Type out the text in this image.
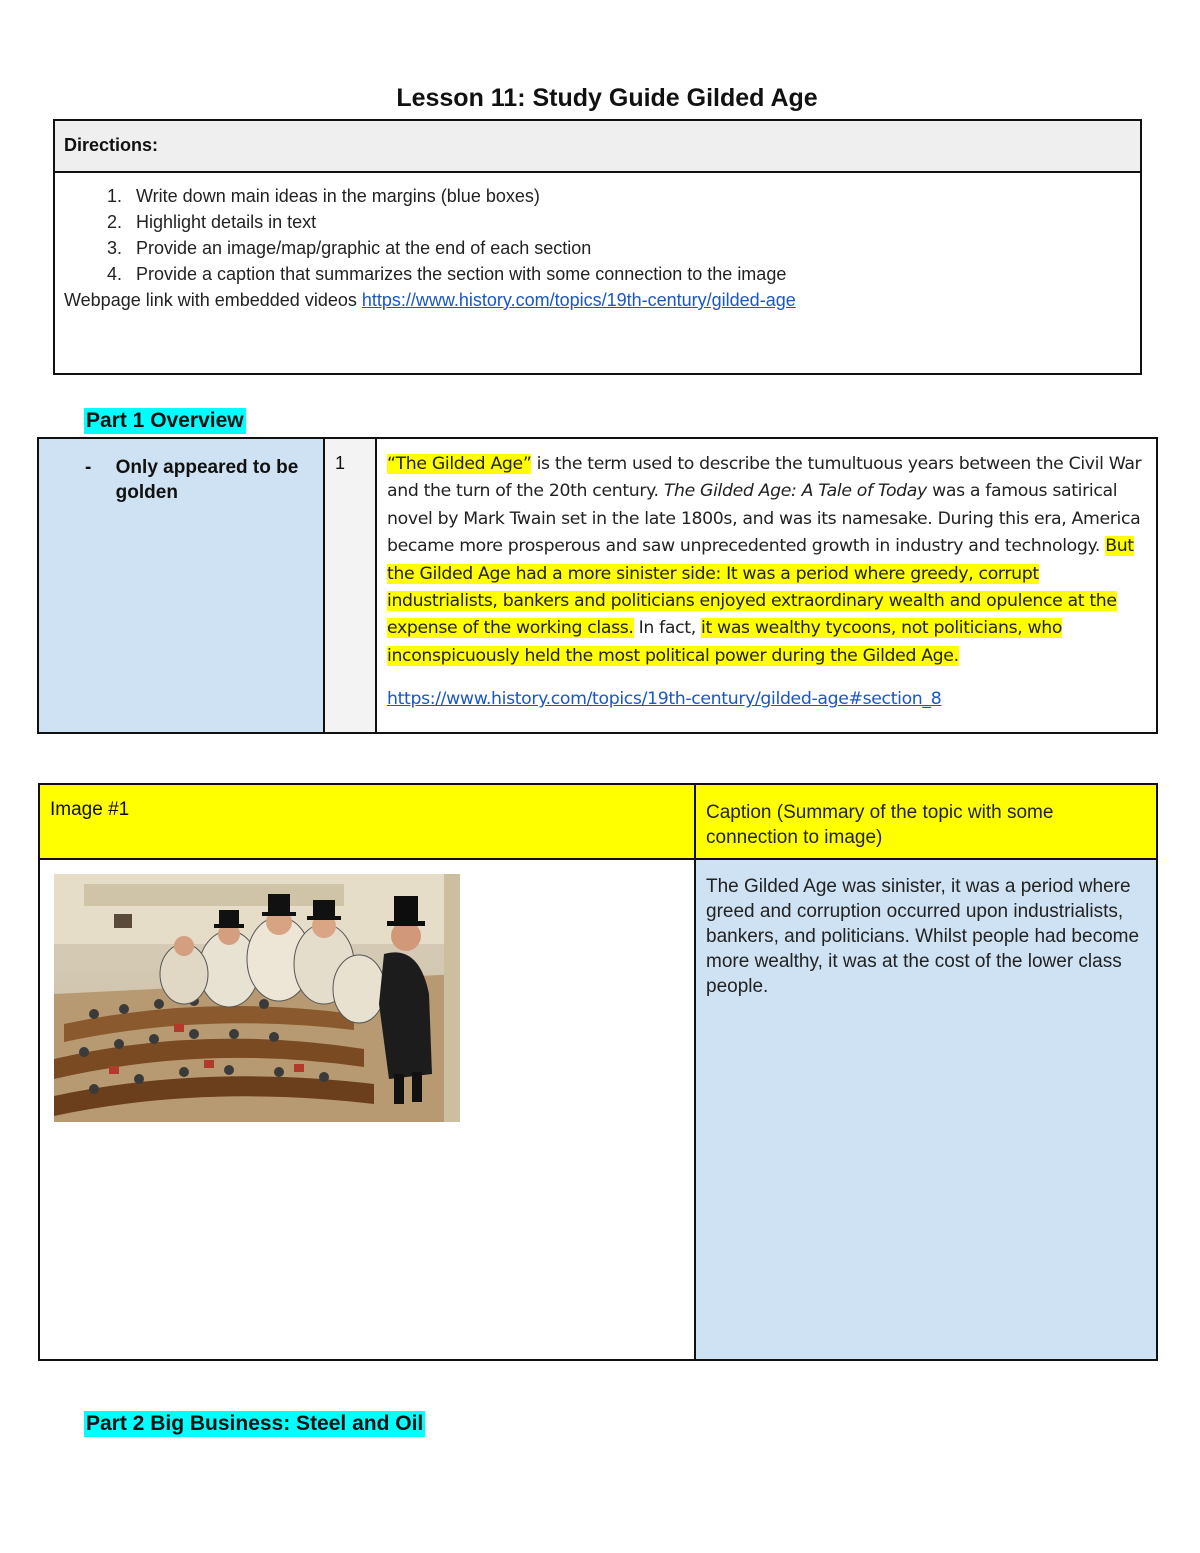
Lesson 11: Study Guide Gilded Age
Directions:
1. Write down main ideas in the margins (blue boxes)
2. Highlight details in text
3. Provide an image/map/graphic at the end of each section
4. Provide a caption that summarizes the section with some connection to the image
Webpage link with embedded videos https://www.history.com/topics/19th-century/gilded-age
Part 1 Overview
-	Only appeared to be golden
1	“The Gilded Age” is the term used to describe the tumultuous years between the Civil War and the turn of the 20th century. The Gilded Age: A Tale of Today was a famous satirical novel by Mark Twain set in the late 1800s, and was its namesake. During this era, America became more prosperous and saw unprecedented growth in industry and technology. But the Gilded Age had a more sinister side: It was a period where greedy, corrupt industrialists, bankers and politicians enjoyed extraordinary wealth and opulence at the expense of the working class. In fact, it was wealthy tycoons, not politicians, who inconspicuously held the most political power during the Gilded Age.
https://www.history.com/topics/19th-century/gilded-age#section_8
Image #1	Caption (Summary of the topic with some connection to image)
The Gilded Age was sinister, it was a period where greed and corruption occurred upon industrialists, bankers, and politicians. Whilst people had become more wealthy, it was at the cost of the lower class people.
Part 2 Big Business: Steel and Oil
